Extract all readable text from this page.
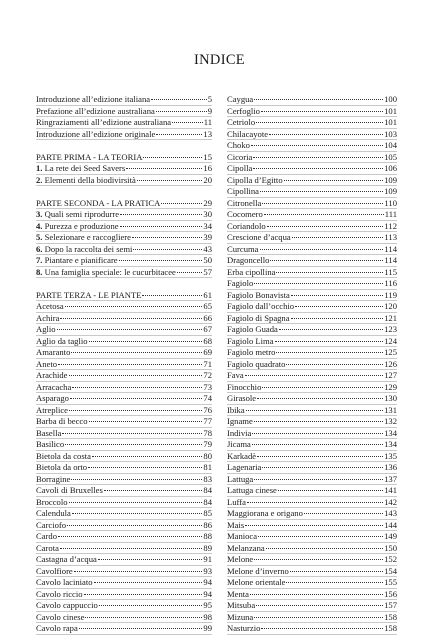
INDICE
Introduzione all’edizione italiana	5
Prefazione all’edizione australiana	9
Ringraziamenti all’edizione australiana	11
Introduzione all’edizione originale	13
PARTE PRIMA - LA TEORIA	15
1. La rete dei Seed Savers	16
2. Elementi della biodivirsità	20
PARTE SECONDA - LA PRATICA	29
3. Quali semi riprodurre	30
4. Purezza e produzione	34
5. Selezionare e raccogliere	39
6. Dopo la raccolta dei semi	43
7. Piantare e pianificare	50
8. Una famiglia speciale: le cucurbitacee	57
PARTE TERZA - LE PIANTE	61
Acetosa	65
Achira	66
Aglio	67
Aglio da taglio	68
Amaranto	69
Aneto	71
Arachide	72
Arracacha	73
Asparago	74
Atreplice	76
Barba di becco	77
Basella	78
Basilico	79
Bietola da costa	80
Bietola da orto	81
Borragine	83
Cavoli di Bruxelles	84
Broccolo	84
Calendula	85
Carciofo	86
Cardo	88
Carota	89
Castagna d’acqua	91
Cavolfiore	93
Cavolo laciniato	94
Cavolo riccio	94
Cavolo cappuccio	95
Cavolo cinese	98
Cavolo rapa	99
Caygua	100
Cerfoglio	101
Cetriolo	101
Chilacayote	103
Choko	104
Cicoria	105
Cipolla	106
Cipolla d’Egitto	109
Cipollina	109
Citronella	110
Cocomero	111
Coriandolo	112
Crescione d’acqua	113
Curcuma	114
Dragoncello	114
Erba cipollina	115
Fagiolo	116
Fagiolo Bonavista	119
Fagiolo dall’occhio	120
Fagiolo di Spagna	121
Fagiolo Guada	123
Fagiolo Lima	124
Fagiolo metro	125
Fagiolo quadrato	126
Fava	127
Finocchio	129
Girasole	130
Ibika	131
Igname	132
Indivia	134
Jicama	134
Karkadè	135
Lagenaria	136
Lattuga	137
Lattuga cinese	141
Luffa	142
Maggiorana e origano	143
Mais	144
Manioca	149
Melanzana	150
Melone	152
Melone d’inverno	154
Melone orientale	155
Menta	156
Mitsuba	157
Mizuna	158
Nasturzio	158
